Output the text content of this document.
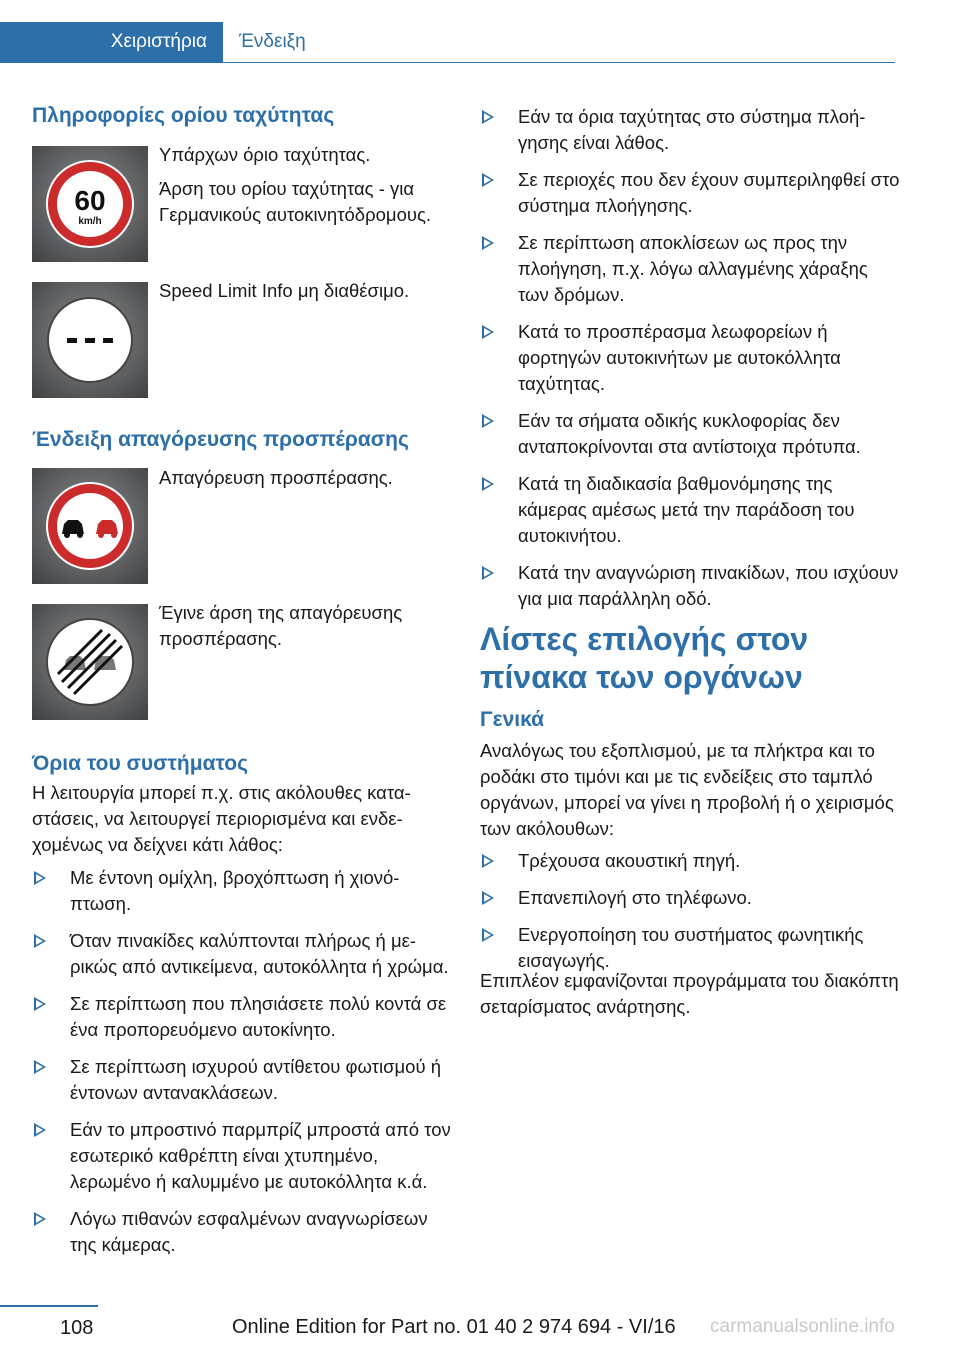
Χειριστήρια	Ένδειξη
Πληροφορίες ορίου ταχύτητας
60
km/h
Υπάρχων όριο ταχύτητας.
Άρση του ορίου ταχύτητας - για Γερμανικούς αυτοκινητόδρομους.
Speed Limit Info μη διαθέσιμο.
Ένδειξη απαγόρευσης προσπέρασης
Απαγόρευση προσπέρασης.
Έγινε άρση της απαγόρευσης προσπέρασης.
Όρια του συστήματος
Η λειτουργία μπορεί π.χ. στις ακόλουθες καταστάσεις, να λειτουργεί περιορισμένα και ενδεχομένως να δείχνει κάτι λάθος:
Με έντονη ομίχλη, βροχόπτωση ή χιονόπτωση.
Όταν πινακίδες καλύπτονται πλήρως ή μερικώς από αντικείμενα, αυτοκόλλητα ή χρώμα.
Σε περίπτωση που πλησιάσετε πολύ κοντά σε ένα προπορευόμενο αυτοκίνητο.
Σε περίπτωση ισχυρού αντίθετου φωτισμού ή έντονων αντανακλάσεων.
Εάν το μπροστινό παρμπρίζ μπροστά από τον εσωτερικό καθρέπτη είναι χτυπημένο, λερωμένο ή καλυμμένο με αυτοκόλλητα κ.ά.
Λόγω πιθανών εσφαλμένων αναγνωρίσεων της κάμερας.
Εάν τα όρια ταχύτητας στο σύστημα πλοήγησης είναι λάθος.
Σε περιοχές που δεν έχουν συμπεριληφθεί στο σύστημα πλοήγησης.
Σε περίπτωση αποκλίσεων ως προς την πλοήγηση, π.χ. λόγω αλλαγμένης χάραξης των δρόμων.
Κατά το προσπέρασμα λεωφορείων ή φορτηγών αυτοκινήτων με αυτοκόλλητα ταχύτητας.
Εάν τα σήματα οδικής κυκλοφορίας δεν ανταποκρίνονται στα αντίστοιχα πρότυπα.
Κατά τη διαδικασία βαθμονόμησης της κάμερας αμέσως μετά την παράδοση του αυτοκινήτου.
Κατά την αναγνώριση πινακίδων, που ισχύουν για μια παράλληλη οδό.
Λίστες επιλογής στον πίνακα των οργάνων
Γενικά
Αναλόγως του εξοπλισμού, με τα πλήκτρα και το ροδάκι στο τιμόνι και με τις ενδείξεις στο ταμπλό οργάνων, μπορεί να γίνει η προβολή ή ο χειρισμός των ακόλουθων:
Τρέχουσα ακουστική πηγή.
Επανεπιλογή στο τηλέφωνο.
Ενεργοποίηση του συστήματος φωνητικής εισαγωγής.
Επιπλέον εμφανίζονται προγράμματα του διακόπτη σεταρίσματος ανάρτησης.
108	Online Edition for Part no. 01 40 2 974 694 - VI/16 carmanualsonline.info
